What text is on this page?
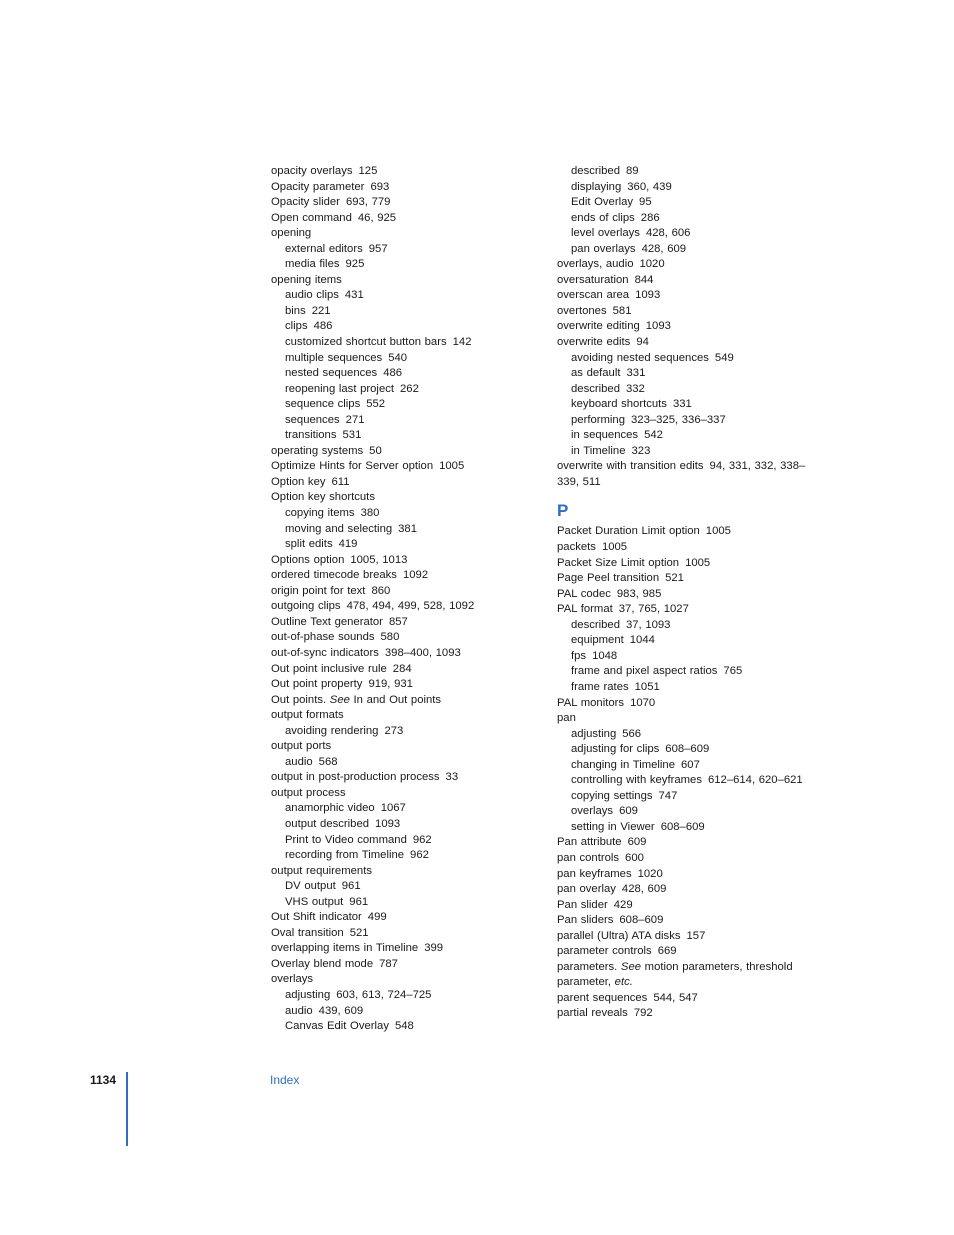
opacity overlays 125

Opacity parameter 693

Opacity slider 693, 779

Open command 46, 925

opening

external editors 957

media files 925

opening items

audio clips 431

bins 221

clips 486

customized shortcut button bars 142

multiple sequences 540

nested sequences 486

reopening last project 262

sequence clips 552

sequences 271

transitions 531

operating systems 50

Optimize Hints for Server option 1005

Option key 611

Option key shortcuts

copying items 380

moving and selecting 381

split edits 419

Options option 1005, 1013

ordered timecode breaks 1092

origin point for text 860

outgoing clips 478, 494, 499, 528, 1092

Outline Text generator 857

out-of-phase sounds 580

out-of-sync indicators 398–400, 1093

Out point inclusive rule 284

Out point property 919, 931

Out points. See In and Out points

output formats

avoiding rendering 273

output ports

audio 568

output in post-production process 33

output process

anamorphic video 1067

output described 1093

Print to Video command 962

recording from Timeline 962

output requirements

DV output 961

VHS output 961

Out Shift indicator 499

Oval transition 521

overlapping items in Timeline 399

Overlay blend mode 787

overlays

adjusting 603, 613, 724–725

audio 439, 609

Canvas Edit Overlay 548

described 89

displaying 360, 439

Edit Overlay 95

ends of clips 286

level overlays 428, 606

pan overlays 428, 609

overlays, audio 1020

oversaturation 844

overscan area 1093

overtones 581

overwrite editing 1093

overwrite edits 94

avoiding nested sequences 549

as default 331

described 332

keyboard shortcuts 331

performing 323–325, 336–337

in sequences 542

in Timeline 323

overwrite with transition edits 94, 331, 332, 338–339, 511

P

Packet Duration Limit option 1005

packets 1005

Packet Size Limit option 1005

Page Peel transition 521

PAL codec 983, 985

PAL format 37, 765, 1027

described 37, 1093

equipment 1044

fps 1048

frame and pixel aspect ratios 765

frame rates 1051

PAL monitors 1070

pan

adjusting 566

adjusting for clips 608–609

changing in Timeline 607

controlling with keyframes 612–614, 620–621

copying settings 747

overlays 609

setting in Viewer 608–609

Pan attribute 609

pan controls 600

pan keyframes 1020

pan overlay 428, 609

Pan slider 429

Pan sliders 608–609

parallel (Ultra) ATA disks 157

parameter controls 669

parameters. See motion parameters, threshold parameter, etc.

parent sequences 544, 547

partial reveals 792

1134	Index
